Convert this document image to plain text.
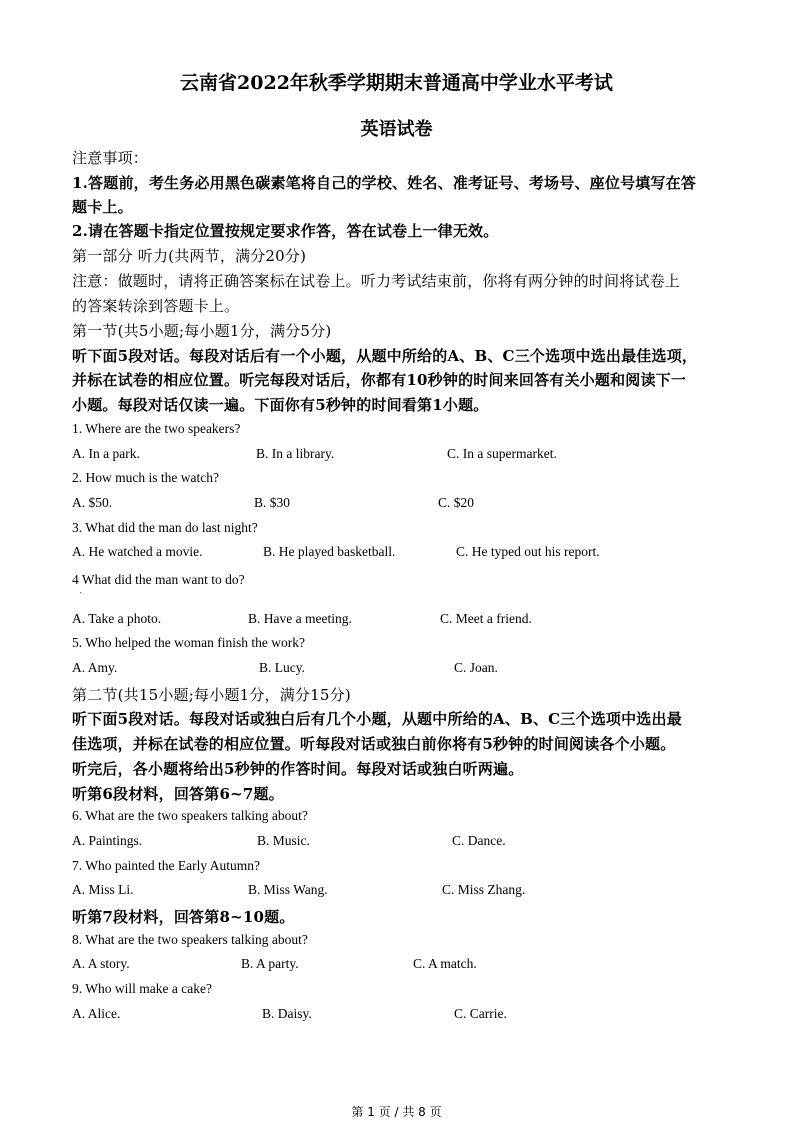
云南省2022年秋季学期期末普通高中学业水平考试
英语试卷
注意事项：
1.答题前，考生务必用黑色碳素笔将自己的学校、姓名、准考证号、考场号、座位号填写在答
题卡上。
2.请在答题卡指定位置按规定要求作答，答在试卷上一律无效。
第一部分 听力(共两节，满分20分)
注意：做题时，请将正确答案标在试卷上。听力考试结束前，你将有两分钟的时间将试卷上
的答案转涂到答题卡上。
第一节(共5小题;每小题1分，满分5分)
听下面5段对话。每段对话后有一个小题，从题中所给的A、B、C三个选项中选出最佳选项，
并标在试卷的相应位置。听完每段对话后，你都有10秒钟的时间来回答有关小题和阅读下一
小题。每段对话仅读一遍。下面你有5秒钟的时间看第1小题。
1. Where are the two speakers?
A. In a park.	B. In a library.	C. In a supermarket.
2. How much is the watch?
A. $50.	B. $30	C. $20
3. What did the man do last night?
A. He watched a movie.	B. He played basketball.	C. He typed out his report.
4 What did the man want to do?
A. Take a photo.	B. Have a meeting.	C. Meet a friend.
5. Who helped the woman finish the work?
A. Amy.	B. Lucy.	C. Joan.
第二节(共15小题;每小题1分，满分15分)
听下面5段对话。每段对话或独白后有几个小题，从题中所给的A、B、C三个选项中选出最
佳选项，并标在试卷的相应位置。听每段对话或独白前你将有5秒钟的时间阅读各个小题。
听完后，各小题将给出5秒钟的作答时间。每段对话或独白听两遍。
听第6段材料，回答第6~7题。
6. What are the two speakers talking about?
A. Paintings.	B. Music.	C. Dance.
7. Who painted the Early Autumn?
A. Miss Li.	B. Miss Wang.	C. Miss Zhang.
听第7段材料，回答第8~10题。
8. What are the two speakers talking about?
A. A story.	B. A party.	C. A match.
9. Who will make a cake?
A. Alice.	B. Daisy.	C. Carrie.
第 1 页 / 共 8 页
